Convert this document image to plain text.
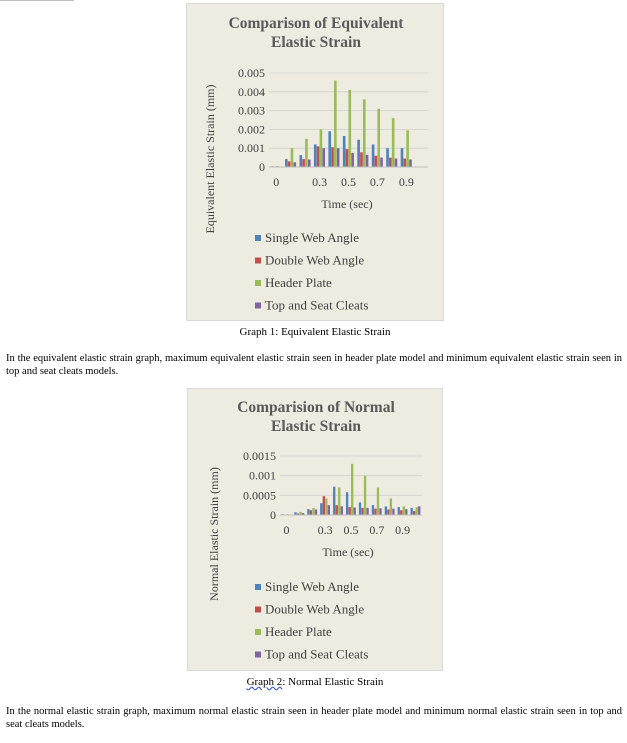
Comparison of Equivalent
Elastic Strain
0
0.001
0.002
0.003
0.004
0.005
0	0.3 0.5 0.7 0.9
Time (sec)
Equivalent Elastic Strain (mm)
Single Web Angle
Double Web Angle
Header Plate
Top and Seat Cleats
Graph 1: Equivalent Elastic Strain

In the equivalent elastic strain graph, maximum equivalent elastic strain seen in header plate model and minimum equivalent elastic strain seen in top and seat cleats models.

Comparision of Normal
Elastic Strain
0
0.0005
0.001
0.0015
0 0.3 0.5 0.7 0.9
Time (sec)
Normal Elastic Strain (mm)	Single Web Angle
Double Web Angle
Header Plate
Top and Seat Cleats
Graph 2: Normal Elastic Strain

In the normal elastic strain graph, maximum normal elastic strain seen in header plate model and minimum normal elastic strain seen in top and seat cleats models.
